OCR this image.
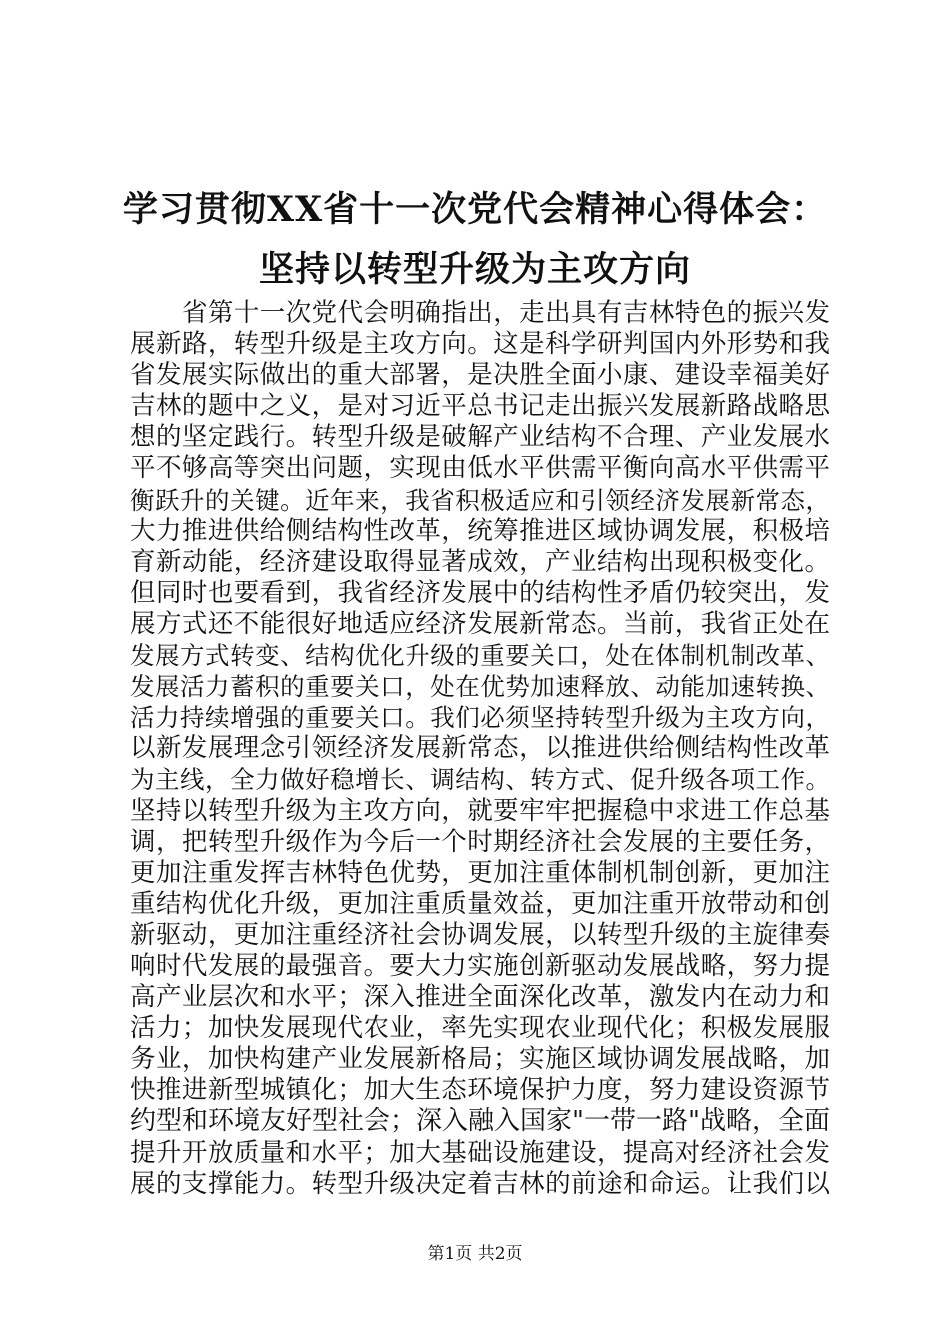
学习贯彻XX省十一次党代会精神心得体会：
坚持以转型升级为主攻方向
省第十一次党代会明确指出，走出具有吉林特色的振兴发
展新路，转型升级是主攻方向。这是科学研判国内外形势和我
省发展实际做出的重大部署，是决胜全面小康、建设幸福美好
吉林的题中之义，是对习近平总书记走出振兴发展新路战略思
想的坚定践行。转型升级是破解产业结构不合理、产业发展水
平不够高等突出问题，实现由低水平供需平衡向高水平供需平
衡跃升的关键。近年来，我省积极适应和引领经济发展新常态，
大力推进供给侧结构性改革，统筹推进区域协调发展，积极培
育新动能，经济建设取得显著成效，产业结构出现积极变化。
但同时也要看到，我省经济发展中的结构性矛盾仍较突出，发
展方式还不能很好地适应经济发展新常态。当前，我省正处在
发展方式转变、结构优化升级的重要关口，处在体制机制改革、
发展活力蓄积的重要关口，处在优势加速释放、动能加速转换、
活力持续增强的重要关口。我们必须坚持转型升级为主攻方向，
以新发展理念引领经济发展新常态，以推进供给侧结构性改革
为主线，全力做好稳增长、调结构、转方式、促升级各项工作。
坚持以转型升级为主攻方向，就要牢牢把握稳中求进工作总基
调，把转型升级作为今后一个时期经济社会发展的主要任务，
更加注重发挥吉林特色优势，更加注重体制机制创新，更加注
重结构优化升级，更加注重质量效益，更加注重开放带动和创
新驱动，更加注重经济社会协调发展，以转型升级的主旋律奏
响时代发展的最强音。要大力实施创新驱动发展战略，努力提
高产业层次和水平；深入推进全面深化改革，激发内在动力和
活力；加快发展现代农业，率先实现农业现代化；积极发展服
务业，加快构建产业发展新格局；实施区域协调发展战略，加
快推进新型城镇化；加大生态环境保护力度，努力建设资源节
约型和环境友好型社会；深入融入国家"一带一路"战略，全面
提升开放质量和水平；加大基础设施建设，提高对经济社会发
展的支撑能力。转型升级决定着吉林的前途和命运。让我们以
第1页 共2页
